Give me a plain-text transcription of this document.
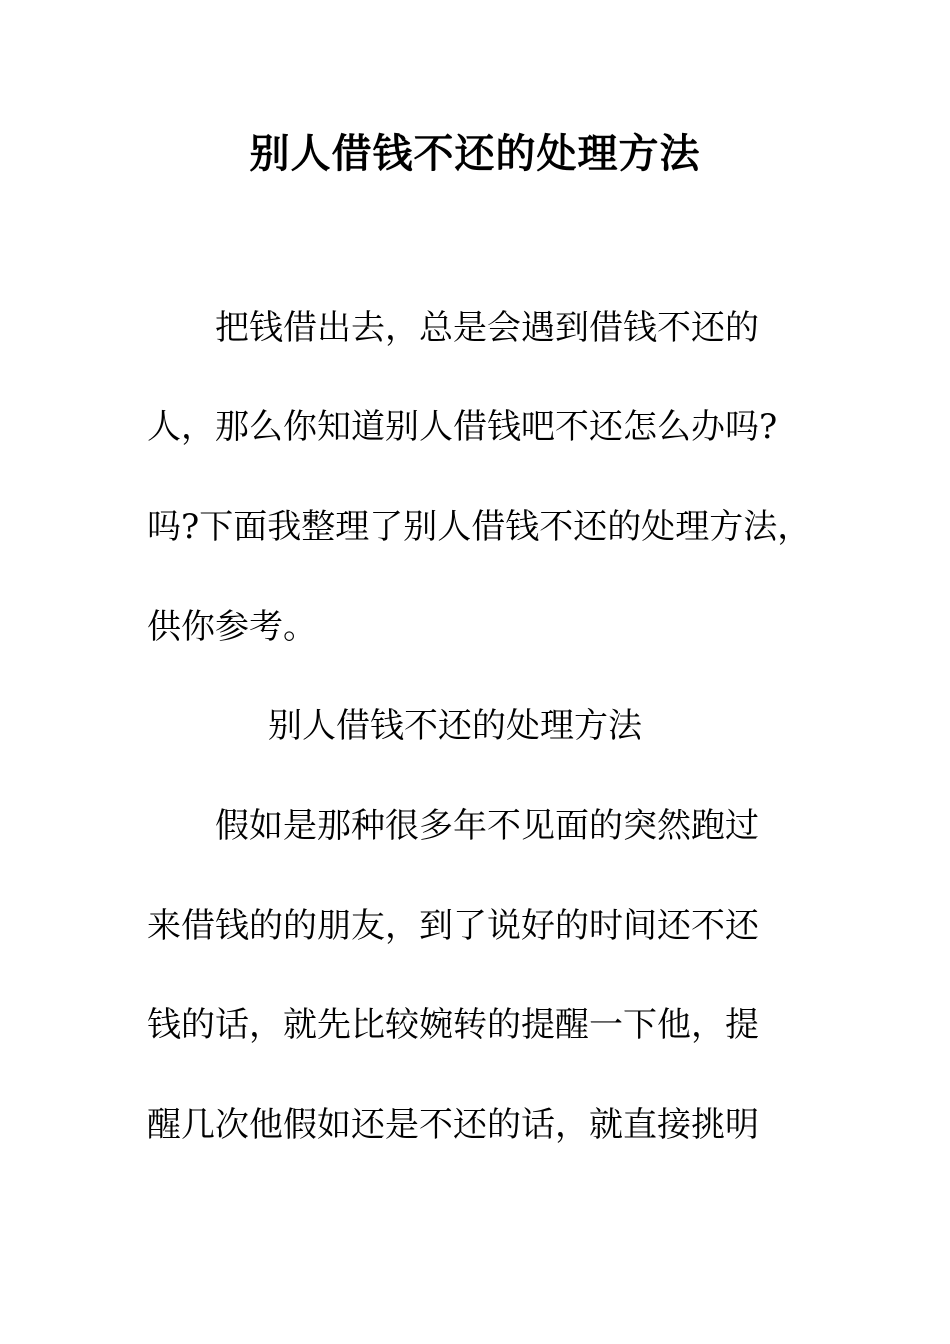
别人借钱不还的处理方法
把钱借出去，总是会遇到借钱不还的
人，那么你知道别人借钱吧不还怎么办吗?
吗?下面我整理了别人借钱不还的处理方法，
供你参考。
别人借钱不还的处理方法
假如是那种很多年不见面的突然跑过
来借钱的的朋友，到了说好的时间还不还
钱的话，就先比较婉转的提醒一下他，提
醒几次他假如还是不还的话，就直接挑明
